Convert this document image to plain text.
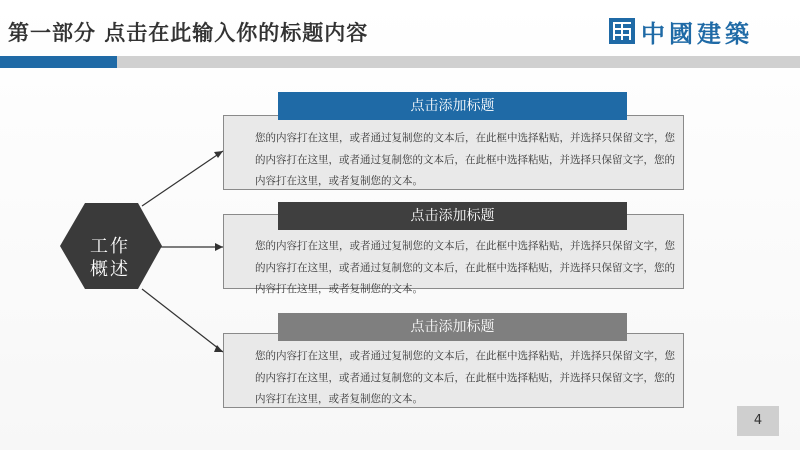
第一部分 点击在此输入你的标题内容	中國建築
工作
概述
点击添加标题
您的内容打在这里，或者通过复制您的文本后，在此框中选择粘贴，并选择只保留文字，您的内容打在这里，或者通过复制您的文本后，在此框中选择粘贴，并选择只保留文字，您的内容打在这里，或者复制您的文本。
点击添加标题
您的内容打在这里，或者通过复制您的文本后，在此框中选择粘贴，并选择只保留文字，您的内容打在这里，或者通过复制您的文本后，在此框中选择粘贴，并选择只保留文字，您的内容打在这里，或者复制您的文本。
点击添加标题
您的内容打在这里，或者通过复制您的文本后，在此框中选择粘贴，并选择只保留文字，您的内容打在这里，或者通过复制您的文本后，在此框中选择粘贴，并选择只保留文字，您的内容打在这里，或者复制您的文本。
4
